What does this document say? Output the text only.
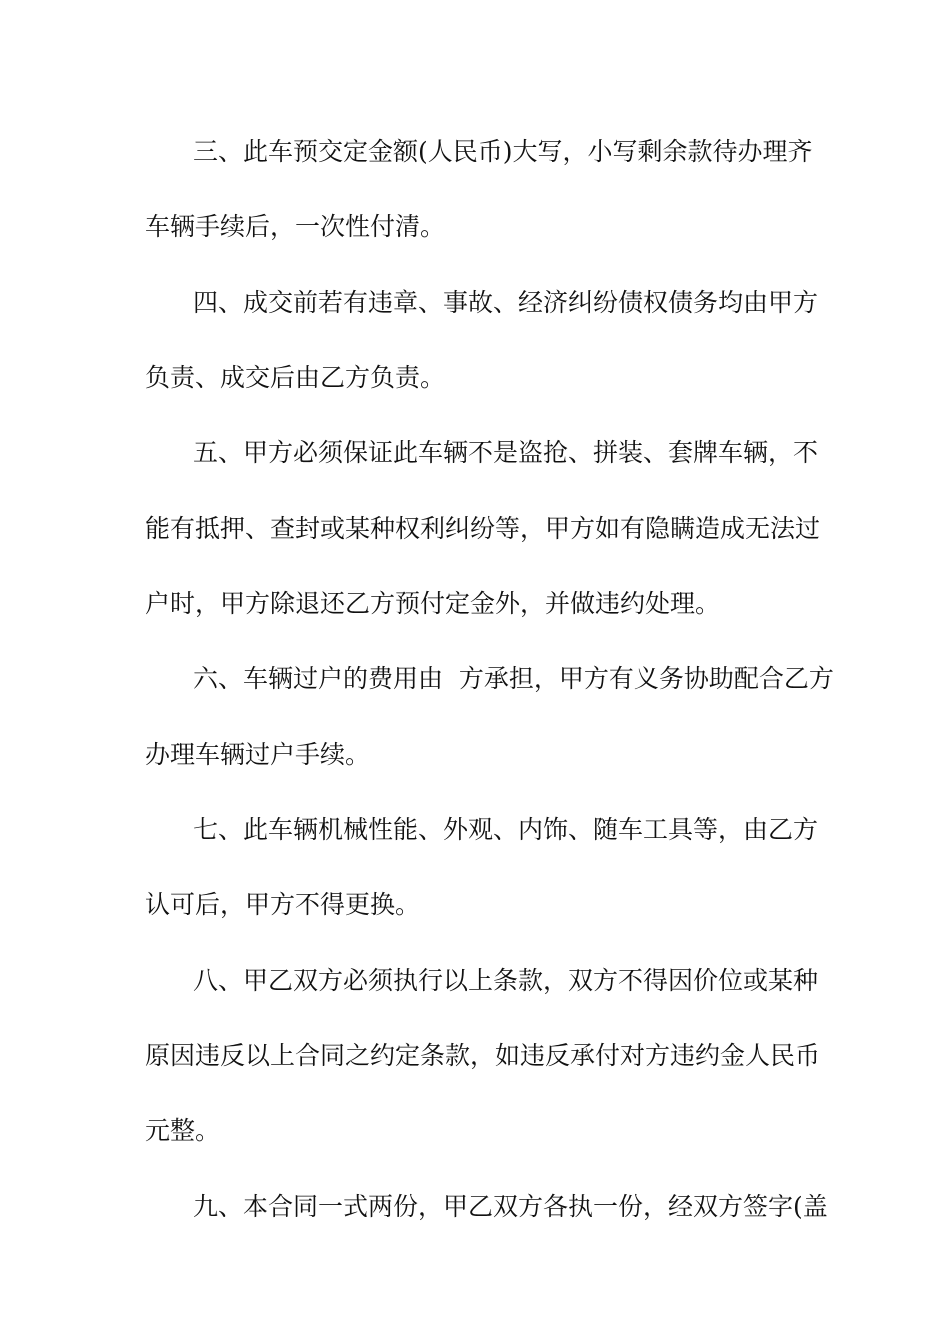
三、此车预交定金额(人民币)大写，小写剩余款待办理齐
车辆手续后，一次性付清。
四、成交前若有违章、事故、经济纠纷债权债务均由甲方
负责、成交后由乙方负责。
五、甲方必须保证此车辆不是盗抢、拼装、套牌车辆，不
能有抵押、查封或某种权利纠纷等，甲方如有隐瞒造成无法过
户时，甲方除退还乙方预付定金外，并做违约处理。
六、车辆过户的费用由  方承担，甲方有义务协助配合乙方
办理车辆过户手续。
七、此车辆机械性能、外观、内饰、随车工具等，由乙方
认可后，甲方不得更换。
八、甲乙双方必须执行以上条款，双方不得因价位或某种
原因违反以上合同之约定条款，如违反承付对方违约金人民币
元整。
九、本合同一式两份，甲乙双方各执一份，经双方签字(盖
